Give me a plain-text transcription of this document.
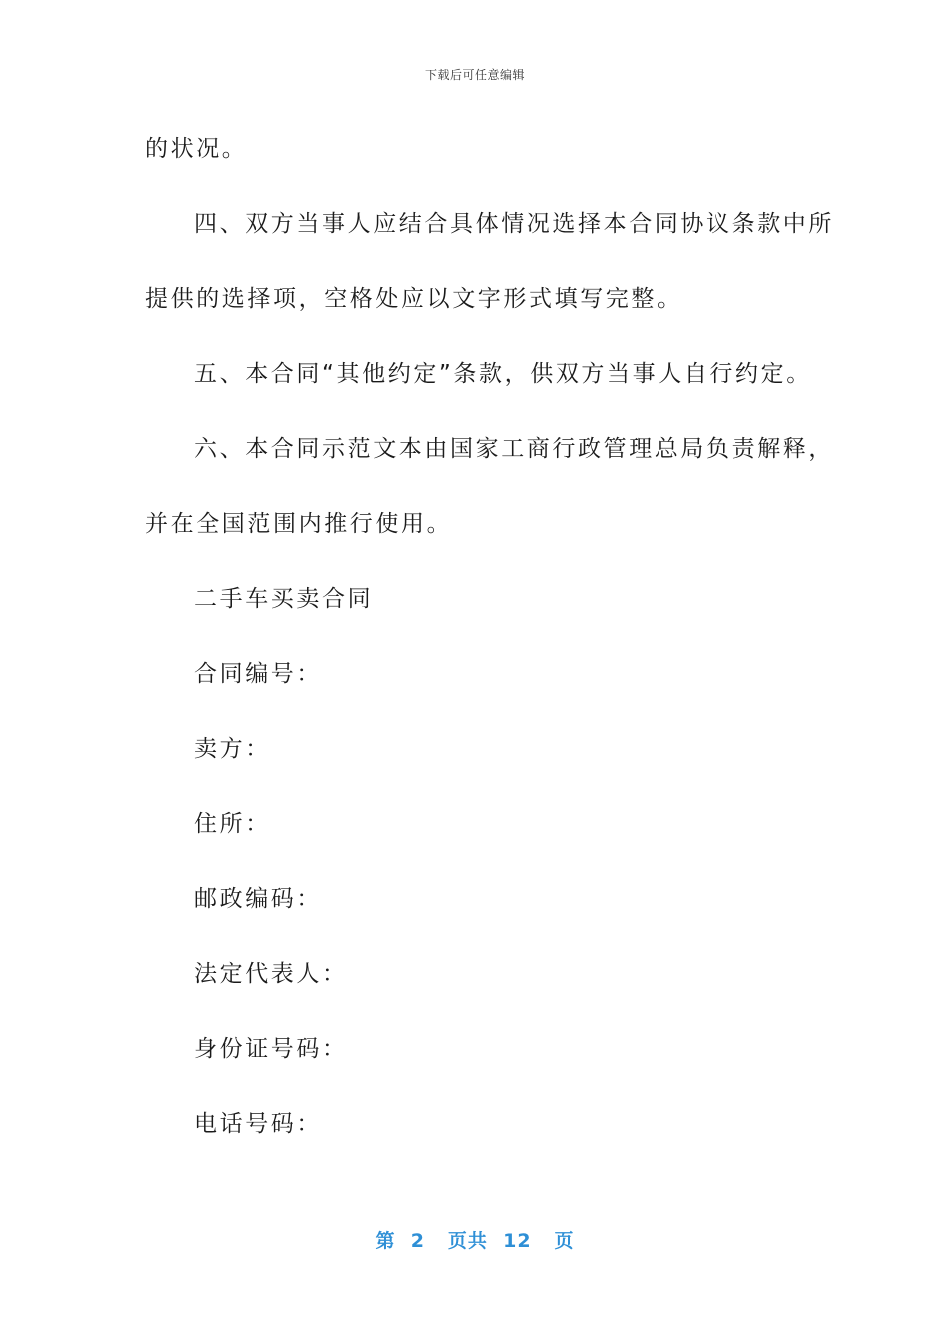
下载后可任意编辑
的状况。
四、双方当事人应结合具体情况选择本合同协议条款中所
提供的选择项，空格处应以文字形式填写完整。
五、本合同“其他约定”条款，供双方当事人自行约定。
六、本合同示范文本由国家工商行政管理总局负责解释，
并在全国范围内推行使用。
二手车买卖合同
合同编号：
卖方：
住所：
邮政编码：
法定代表人：
身份证号码：
电话号码：
第 2 页共 12 页
